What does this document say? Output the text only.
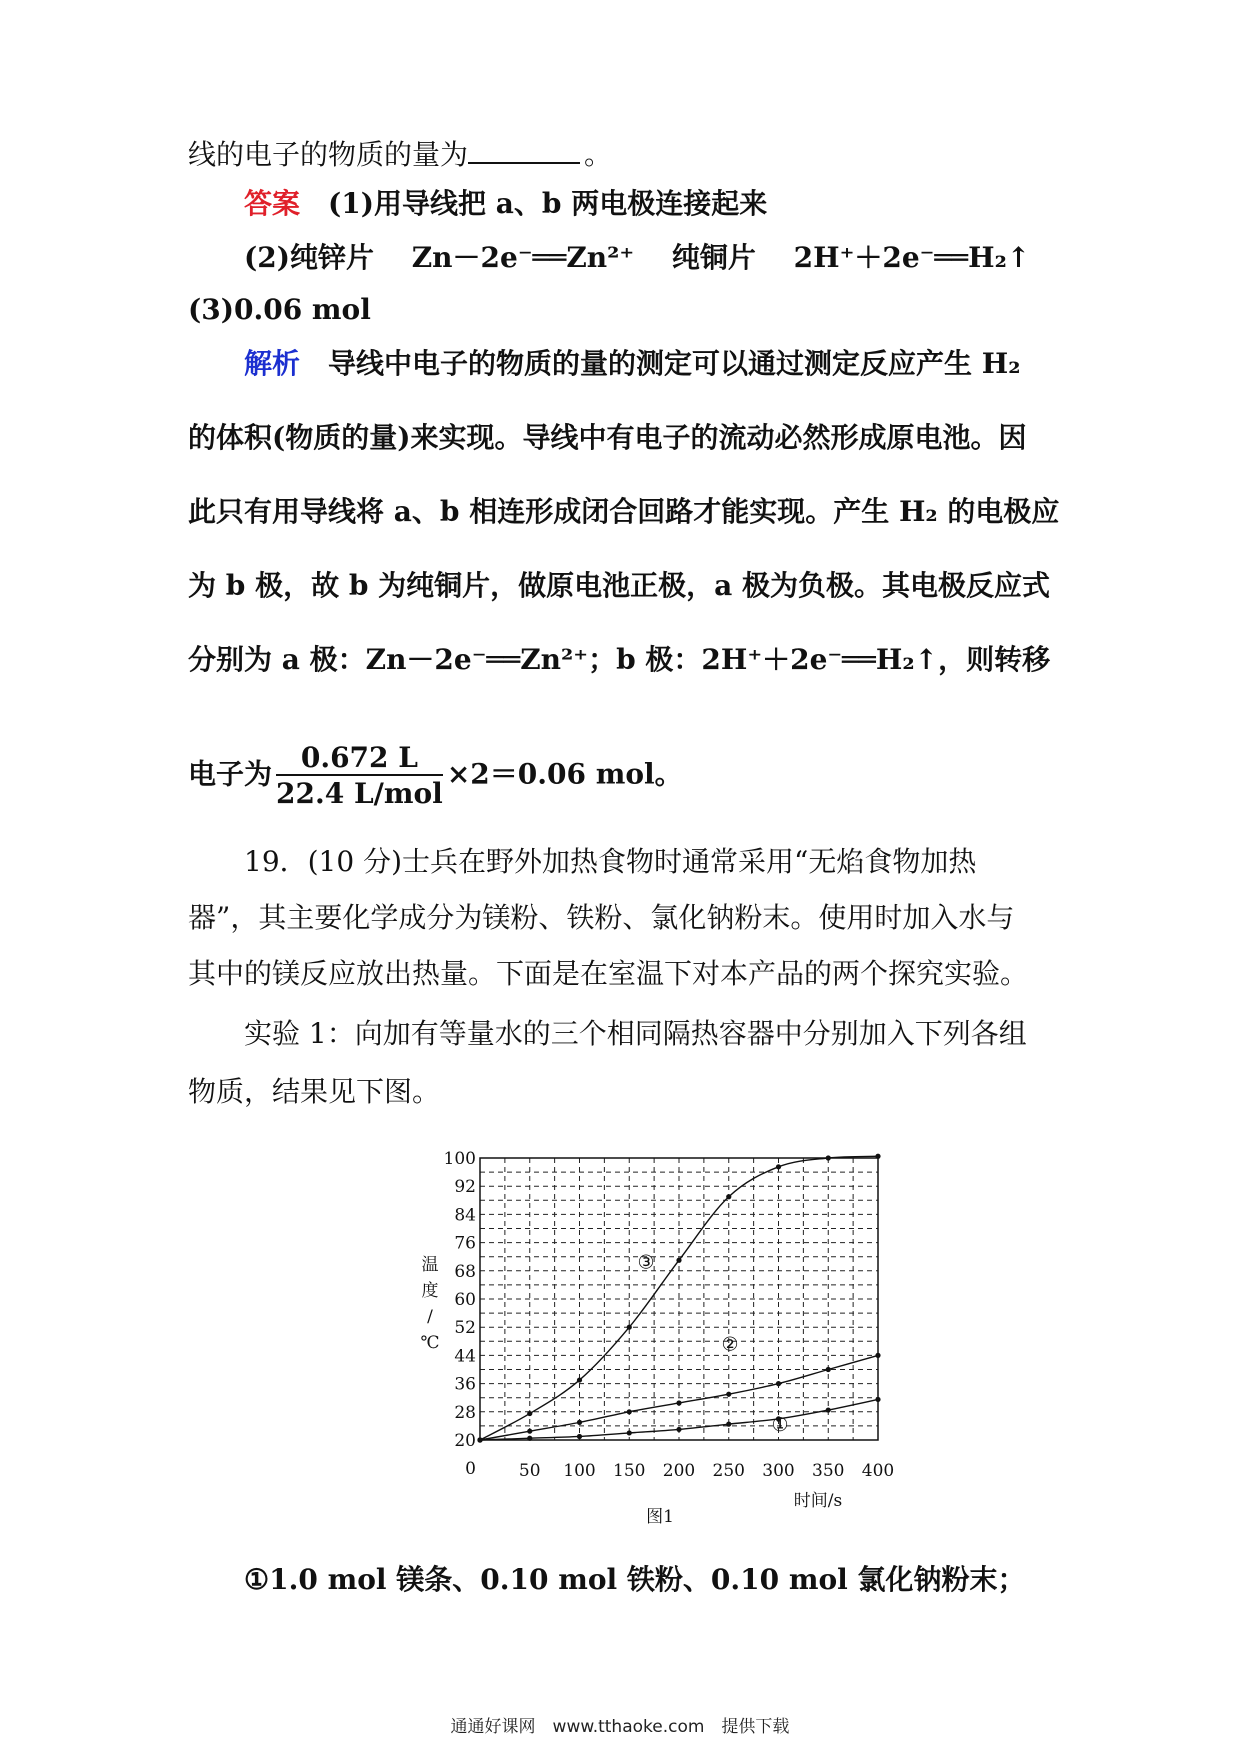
线的电子的物质的量为	。
答案　 (1)用导线把 a、b 两电极连接起来
(2)纯锌片 　Zn－2e⁻══Zn²⁺ 　纯铜片 　2H⁺＋2e⁻══H₂↑
(3)0.06 mol
解析　 导线中电子的物质的量的测定可以通过测定反应产生 H₂
的体积(物质的量)来实现。导线中有电子的流动必然形成原电池。因
此只有用导线将 a、b 相连形成闭合回路才能实现。产生 H₂ 的电极应
为 b 极，故 b 为纯铜片，做原电池正极，a 极为负极。其电极反应式
分别为 a 极：Zn－2e⁻══Zn²⁺；b 极：2H⁺＋2e⁻══H₂↑，则转移
电子为 $\frac{0.672 L}{\text{22.4 L/mol}} \times 2=0.06$ mol。
19．(10 分)士兵在野外加热食物时通常采用“无焰食物加热
器”，其主要化学成分为镁粉、铁粉、氯化钠粉末。使用时加入水与
其中的镁反应放出热量。下面是在室温下对本产品的两个探究实验。
实验 1：向加有等量水的三个相同隔热容器中分别加入下列各组
物质，结果见下图。
20
28
36
44
52
60
68
76
84
92
100
0	50 100 150 200 250 300 350 400
时间/s
温度/ ℃
图1
①
②
③
①1.0 mol 镁条、0.10 mol 铁粉、0.10 mol 氯化钠粉末；
通通好课网　www.tthaoke.com　提供下载
